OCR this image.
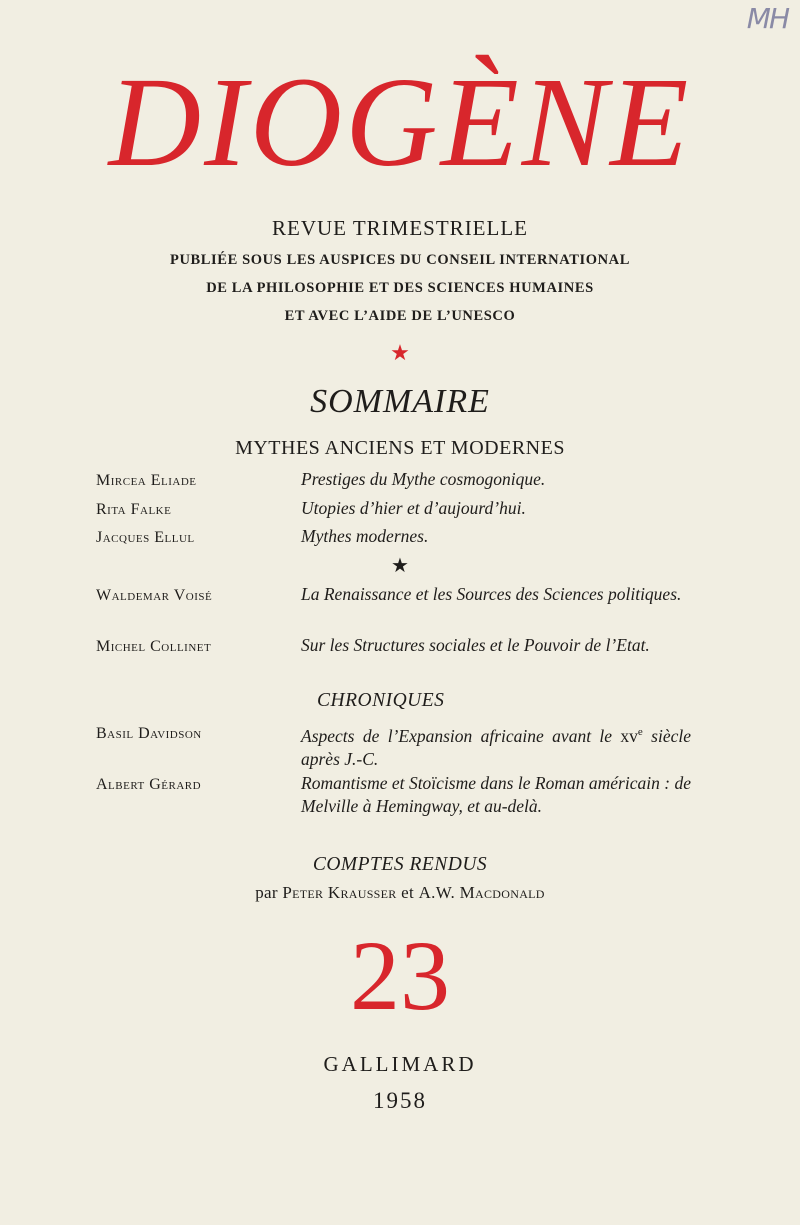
MH
DIOGÈNE
REVUE TRIMESTRIELLE
PUBLIÉE SOUS LES AUSPICES DU CONSEIL INTERNATIONAL
DE LA PHILOSOPHIE ET DES SCIENCES HUMAINES
ET AVEC L’AIDE DE L’UNESCO
★
SOMMAIRE
MYTHES ANCIENS ET MODERNES
Mircea Eliade	Prestiges du Mythe cosmogonique.
Rita Falke	Utopies d’hier et d’aujourd’hui.
Jacques Ellul	Mythes modernes.
★
Waldemar Voisé	La Renaissance et les Sources des Sciences politiques.
Michel Collinet	Sur les Structures sociales et le Pouvoir de l’Etat.
CHRONIQUES
Basil Davidson	Aspects de l’Expansion africaine avant le $xv^e$ siècle après J.-C.
Albert Gérard	Romantisme et Stoïcisme dans le Roman américain : de Melville à Hemingway, et au-delà.
COMPTES RENDUS
par Peter Krausser et A.W. Macdonald
23
GALLIMARD
1958
